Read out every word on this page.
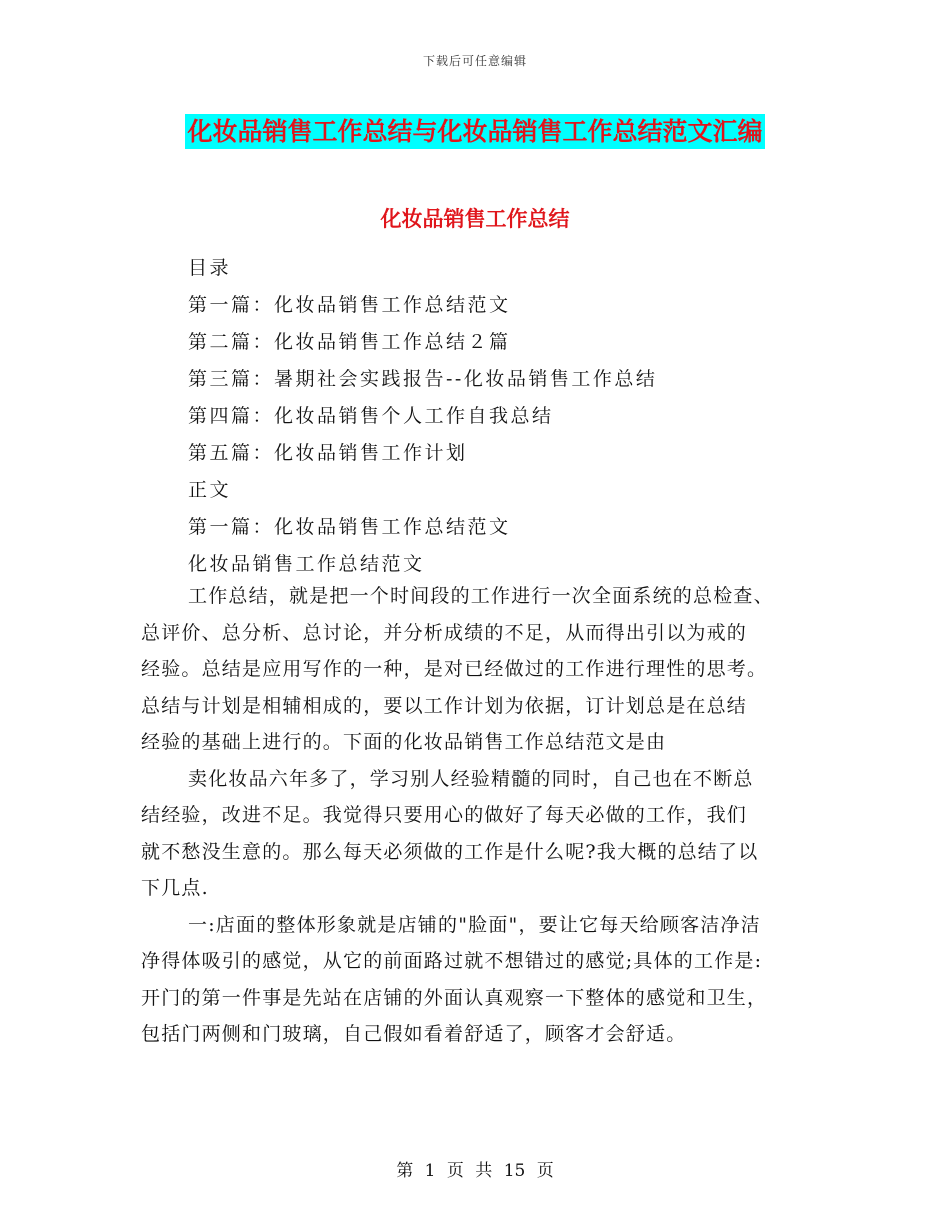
下载后可任意编辑
化妆品销售工作总结与化妆品销售工作总结范文汇编
化妆品销售工作总结
目录
第一篇：化妆品销售工作总结范文
第二篇：化妆品销售工作总结２篇
第三篇：暑期社会实践报告--化妆品销售工作总结
第四篇：化妆品销售个人工作自我总结
第五篇：化妆品销售工作计划
正文
第一篇：化妆品销售工作总结范文
化妆品销售工作总结范文
工作总结，就是把一个时间段的工作进行一次全面系统的总检查、
总评价、总分析、总讨论，并分析成绩的不足，从而得出引以为戒的
经验。总结是应用写作的一种，是对已经做过的工作进行理性的思考。
总结与计划是相辅相成的，要以工作计划为依据，订计划总是在总结
经验的基础上进行的。下面的化妆品销售工作总结范文是由
卖化妆品六年多了，学习别人经验精髓的同时，自己也在不断总
结经验，改进不足。我觉得只要用心的做好了每天必做的工作，我们
就不愁没生意的。那么每天必须做的工作是什么呢?我大概的总结了以
下几点.
一:店面的整体形象就是店铺的"脸面"，要让它每天给顾客洁净洁
净得体吸引的感觉，从它的前面路过就不想错过的感觉;具体的工作是:
开门的第一件事是先站在店铺的外面认真观察一下整体的感觉和卫生，
包括门两侧和门玻璃，自己假如看着舒适了，顾客才会舒适。
第 1 页 共 15 页
